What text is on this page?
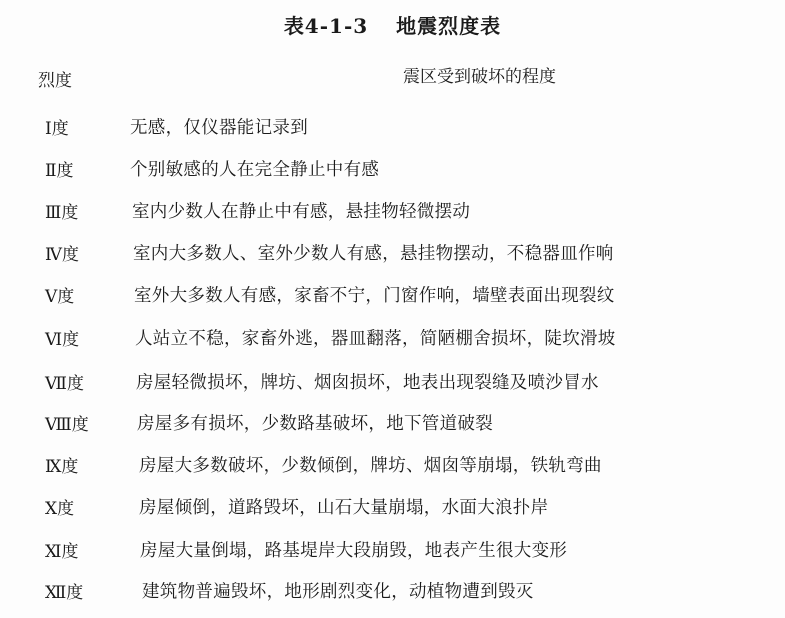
表4-1-3 地震烈度表
烈度	震区受到破坏的程度
Ⅰ度	无感，仅仪器能记录到
Ⅱ度	个别敏感的人在完全静止中有感
Ⅲ度	室内少数人在静止中有感，悬挂物轻微摆动
Ⅳ度	室内大多数人、室外少数人有感，悬挂物摆动，不稳器皿作响
Ⅴ度	室外大多数人有感，家畜不宁，门窗作响，墙壁表面出现裂纹
Ⅵ度	人站立不稳，家畜外逃，器皿翻落，简陋棚舍损坏，陡坎滑坡
Ⅶ度	房屋轻微损坏，牌坊、烟囱损坏，地表出现裂缝及喷沙冒水
Ⅷ度	房屋多有损坏，少数路基破坏，地下管道破裂
Ⅸ度	房屋大多数破坏，少数倾倒，牌坊、烟囱等崩塌，铁轨弯曲
Ⅹ度	房屋倾倒，道路毁坏，山石大量崩塌，水面大浪扑岸
Ⅺ度	房屋大量倒塌，路基堤岸大段崩毁，地表产生很大变形
Ⅻ度	建筑物普遍毁坏，地形剧烈变化，动植物遭到毁灭
